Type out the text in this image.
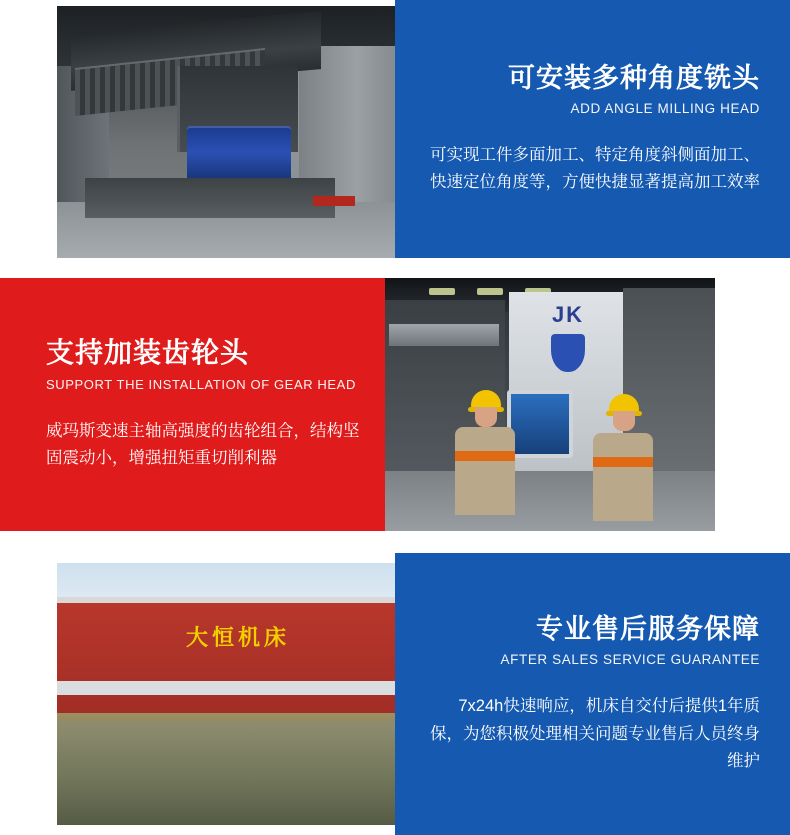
可安装多种角度铣头
ADD ANGLE MILLING HEAD
可实现工件多面加工、特定角度斜侧面加工、快速定位角度等，方便快捷显著提高加工效率
支持加装齿轮头
SUPPORT THE INSTALLATION OF GEAR HEAD
威玛斯变速主轴高强度的齿轮组合，结构坚固震动小，增强扭矩重切削利器
JK
大恒机床	专业售后服务保障
AFTER SALES SERVICE GUARANTEE
7x24h快速响应，机床自交付后提供1年质保，为您积极处理相关问题专业售后人员终身维护
